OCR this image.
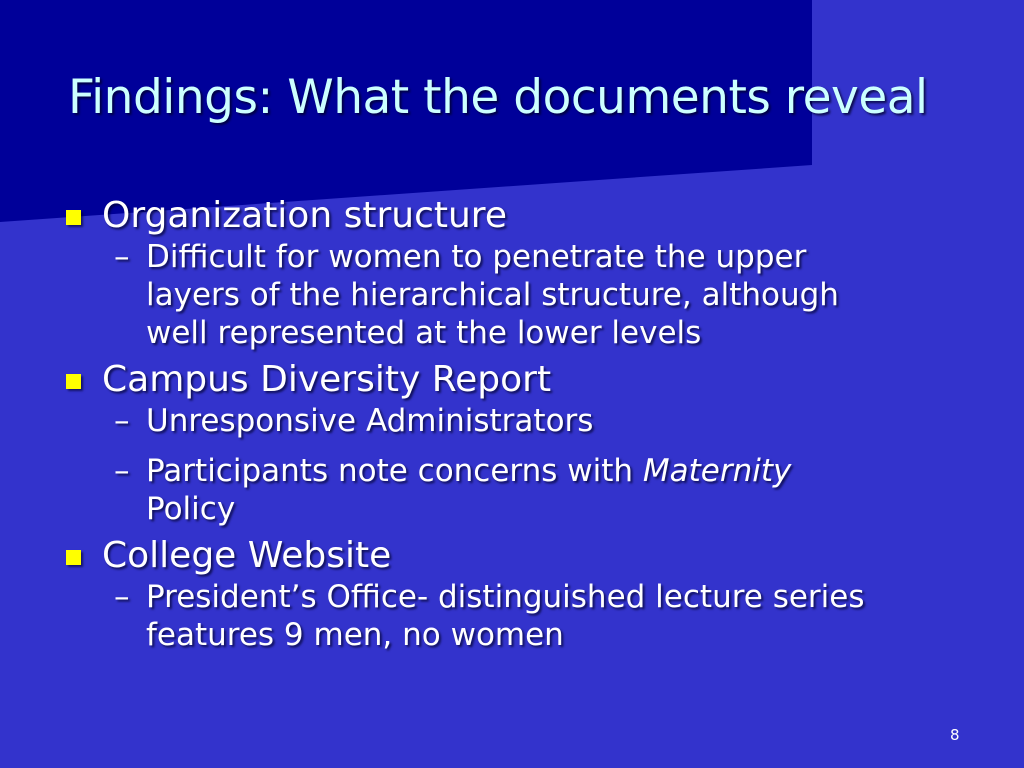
Findings: What the documents reveal
Organization structure
– Difficult for women to penetrate the upper
layers of the hierarchical structure, although
well represented at the lower levels
Campus Diversity Report
– Unresponsive Administrators
– Participants note concerns with Maternity
Policy
College Website
– President’s Office- distinguished lecture series
features 9 men, no women
8
